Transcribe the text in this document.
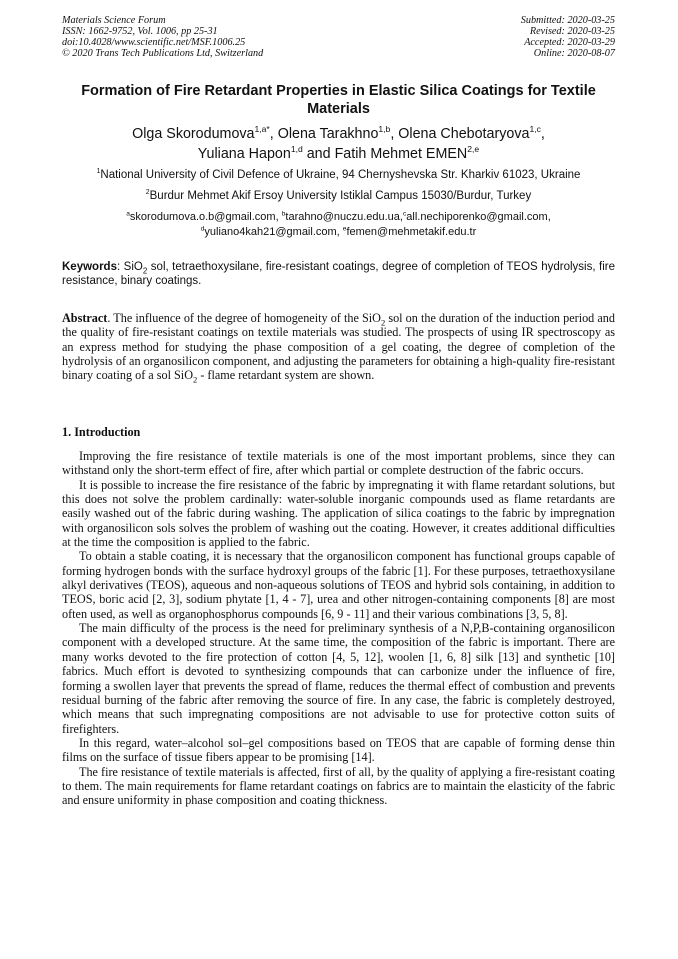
Materials Science Forum
ISSN: 1662-9752, Vol. 1006, pp 25-31
doi:10.4028/www.scientific.net/MSF.1006.25
© 2020 Trans Tech Publications Ltd, Switzerland
Submitted: 2020-03-25
Revised: 2020-03-25
Accepted: 2020-03-29
Online: 2020-08-07
Formation of Fire Retardant Properties in Elastic Silica Coatings for Textile Materials
Olga Skorodumova$^{1,a*}$, Olena Tarakhno$^{1,b}$, Olena Chebotaryova$^{1,c}$,
Yuliana Hapon$^{1,d}$ and Fatih Mehmet EMEN$^{2,e}$
$^1$National University of Civil Defence of Ukraine, 94 Chernyshevska Str. Kharkiv 61023, Ukraine
$^2$Burdur Mehmet Akif Ersoy University Istiklal Campus 15030/Burdur, Turkey
$^a$skorodumova.o.b@gmail.com, $^b$tarahno@nuczu.edu.ua,$^c$all.nechiporenko@gmail.com,
$^d$yuliano4kah21@gmail.com, $^e$femen@mehmetakif.edu.tr
Keywords: SiO$_2$ sol, tetraethoxysilane, fire-resistant coatings, degree of completion of TEOS hydrolysis, fire resistance, binary coatings.
Abstract. The influence of the degree of homogeneity of the SiO$_2$ sol on the duration of the induction period and the quality of fire-resistant coatings on textile materials was studied. The prospects of using IR spectroscopy as an express method for studying the phase composition of a gel coating, the degree of completion of the hydrolysis of an organosilicon component, and adjusting the parameters for obtaining a high-quality fire-resistant binary coating of a sol SiO$_2$ - flame retardant system are shown.
1. Introduction

Improving the fire resistance of textile materials is one of the most important problems, since they can withstand only the short-term effect of fire, after which partial or complete destruction of the fabric occurs.

It is possible to increase the fire resistance of the fabric by impregnating it with flame retardant solutions, but this does not solve the problem cardinally: water-soluble inorganic compounds used as flame retardants are easily washed out of the fabric during washing. The application of silica coatings to the fabric by impregnation with organosilicon sols solves the problem of washing out the coating. However, it creates additional difficulties at the time the composition is applied to the fabric.

To obtain a stable coating, it is necessary that the organosilicon component has functional groups capable of forming hydrogen bonds with the surface hydroxyl groups of the fabric [1]. For these purposes, tetraethoxysilane alkyl derivatives (TEOS), aqueous and non-aqueous solutions of TEOS and hybrid sols containing, in addition to TEOS, boric acid [2, 3], sodium phytate [1, 4 - 7], urea and other nitrogen-containing components [8] are most often used, as well as organophosphorus compounds [6, 9 - 11] and their various combinations [3, 5, 8].

The main difficulty of the process is the need for preliminary synthesis of a N,P,B-containing organosilicon component with a developed structure. At the same time, the composition of the fabric is important. There are many works devoted to the fire protection of cotton [4, 5, 12], woolen [1, 6, 8] silk [13] and synthetic [10] fabrics. Much effort is devoted to synthesizing compounds that can carbonize under the influence of fire, forming a swollen layer that prevents the spread of flame, reduces the thermal effect of combustion and prevents residual burning of the fabric after removing the source of fire. In any case, the fabric is completely destroyed, which means that such impregnating compositions are not advisable to use for protective cotton suits of firefighters.

In this regard, water–alcohol sol–gel compositions based on TEOS that are capable of forming dense thin films on the surface of tissue fibers appear to be promising [14].

The fire resistance of textile materials is affected, first of all, by the quality of applying a fire-resistant coating to them. The main requirements for flame retardant coatings on fabrics are to maintain the elasticity of the fabric and ensure uniformity in phase composition and coating thickness.
